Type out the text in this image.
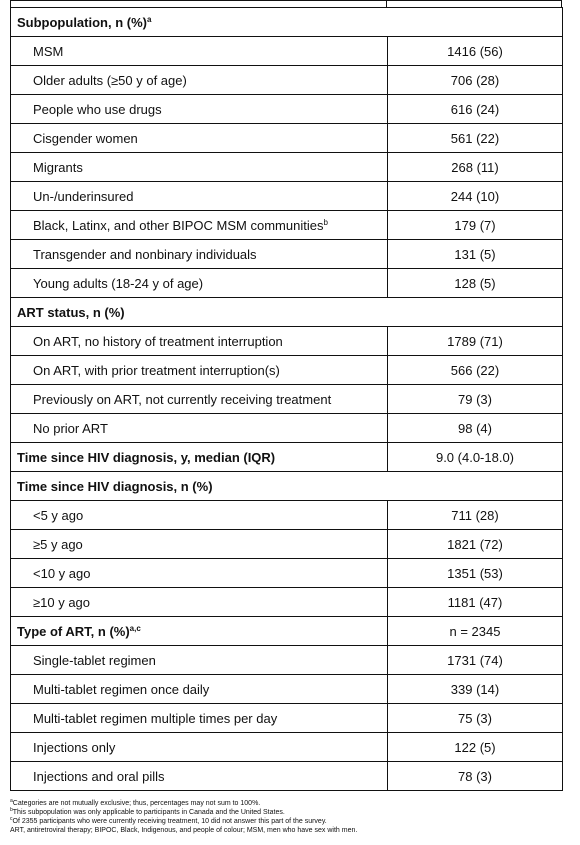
Subpopulation, n (%)$^a$
MSM	1416 (56)
Older adults (≥50 y of age)	706 (28)
People who use drugs	616 (24)
Cisgender women	561 (22)
Migrants	268 (11)
Un-/underinsured	244 (10)
Black, Latinx, and other BIPOC MSM communities$^b$	179 (7)
Transgender and nonbinary individuals	131 (5)
Young adults (18-24 y of age)	128 (5)
ART status, n (%)	
On ART, no history of treatment interruption	1789 (71)
On ART, with prior treatment interruption(s)	566 (22)
Previously on ART, not currently receiving treatment	79 (3)
No prior ART	98 (4)
Time since HIV diagnosis, y, median (IQR)	9.0 (4.0-18.0)
Time since HIV diagnosis, n (%)	
<5 y ago	711 (28)
≥5 y ago	1821 (72)
<10 y ago	1351 (53)
≥10 y ago	1181 (47)
Type of ART, n (%)$^{a,c}$	n = 2345
Single-tablet regimen	1731 (74)
Multi-tablet regimen once daily	339 (14)
Multi-tablet regimen multiple times per day	75 (3)
Injections only	122 (5)
Injections and oral pills	78 (3)
$^a$Categories are not mutually exclusive; thus, percentages may not sum to 100%.
$^b$This subpopulation was only applicable to participants in Canada and the United States.
$^c$Of 2355 participants who were currently receiving treatment, 10 did not answer this part of the survey.
ART, antiretroviral therapy; BIPOC, Black, Indigenous, and people of colour; MSM, men who have sex with men.
